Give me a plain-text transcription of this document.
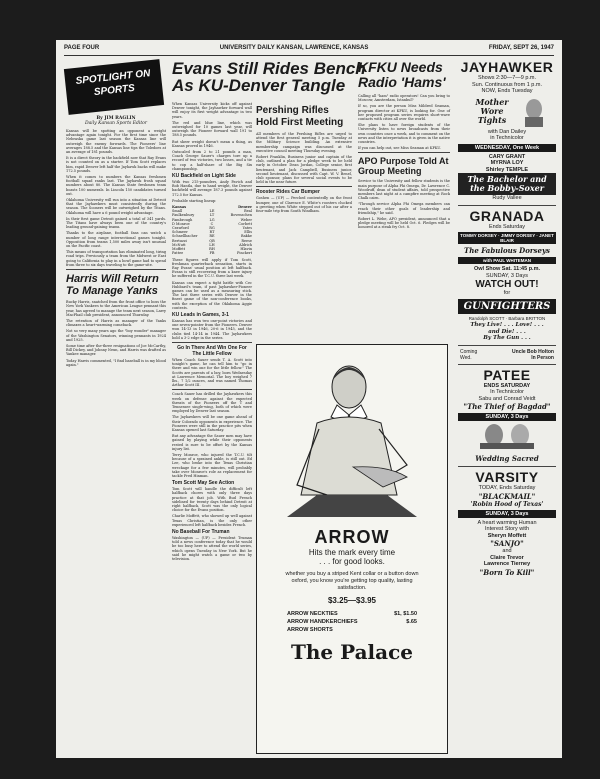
PAGE FOUR	UNIVERSITY DAILY KANSAN, LAWRENCE, KANSAS	FRIDAY, SEPT 26, 1947
SPOTLIGHT ON SPORTS
By JIM RAGLIN
Daily Kansan Sports Editor

Kansas will be spotting an opponent a weight advantage again tonight. For the first time since the Nebraska game last season the Kansas line will outweigh the enemy forwards. The Pioneers' line averages 188.5 and the Kansas line tips the Toledoes at an average of 181 pounds.

It is a direct theory in the backfield now that Ray Evans is not counted on as a starter. If Tom Scott replaces him, rapid Denver left half the Jayhawk backs will make 172.5 pounds.

When it comes to numbers the Kansas freshmen football squad ranks last. The Jayhawk frosh squad numbers about 80. The Kansas State freshmen team boasts 100 numerals. In Lincoln 150 candidates turned out.

Oklahoma University will run into a situation at Detroit that the Jayhawkers must consistently during the season. The Sooners will be outweighed by the Titans. Oklahoma will have a 6 pound weight advantage.

In their first game Detroit gained a total of 341 yards. The Titans have always been one of the country's leading ground-gaining teams.

Thanks to the airplane, football fans can watch a number of long range intersectional games tonight. Opposition from teams 1,500 miles away isn't unusual on the Pacific coast.

This means of transportation has eliminated long, tiring road trips. Previously a team from the Midwest or East going to California to play in a bowl game had to spend from three to six days traveling to the game-site.

Harris Will Return To Manage Yanks

Bucky Harris, snatched from the front office to boss the New York Yankees to the American League pennant this year, has agreed to manage the team next season, Larry MacPhail club president, announced Thursday.

The retention of Harris as manager of the Yanks climaxes a heart-warming comeback.

Not so very many years ago the "boy wonder" manager of the Washington Senators, winning pennants in 1924 and 1925.

Some time after the-three resignations of Joe McCarthy, Bill Dickey, and Johnny Neun, and Harris was drafted as Yankee manager.

Today Harris commented, "I find baseball is in my blood again."

Evans Still Rides Bench As KU-Denver Tangle

When Kansas University kicks off against Denver tonight, the Jayhawker forward wall will enjoy its first weight advantage in two years.

The red and blue line, which was outweighed for 10 games last year, will outweigh the Pioneer forward wall 191 to 188.5 pounds.

But sheer weight doesn't mean a thing, as Kansas proved in 1946.

Outscaled from 2 to 21 pounds a man, Coach George Sauer's charges tore up a record of two victories, two losses, and a tie to cop a half-share of the Big Six championship.

KU Backfield on Light Side

With two 215-pounders, Andy Pavich and Bob Hantla, due to hand weight, the Denver backfield will average 187.3 pounds against 172.5 for Kansas.

Probable starting lineup:

Kansas	Denver
Small	LE	Beal
Faulkenbury	LT	Bovenschen
Fambrough	LG	Weber
D Monroe	C	Corbett
Crawford	RG	Yates
Schmeer	RT	Ellis
Schnellbacher	RE	Bakke
Bertuzzi	QB	Reese
McNutt	LH	Aldrich
Moffett	RH	Hlavin
Pattee	FB	Pinckert

These figures will apply if Tom Scott, freshman quarterback sensation, starts in Ray Evans' usual position at left halfback. Evans is still recovering from a knee injury he suffered in the T.C.U. three last week.

Kansas can expect a tight battle with Cec Hubbard's team, if past Jayhawker-Pioneer games can be used as a measuring stick. The last three series with Denver in the finest game of the non-conference books, with the exception of the Oklahoma Aggie contests.

KU Leads in Games, 3-1

Kansas has won two one-point victories and one seven-pointer from the Pioneers. Denver won 14-13 in 1946, 20-6 in 1945, and the clubs tied 14-14 in 1944. The Jayhawkers hold a 3-2 edge in the series.

Go In There And Win One For The Little Fellow

When Coach Sauer sends T. A. Scott into tonight's game, he can tell him to "go in there and win one for the little fellow." The Scotts are parents of a boy, born Wednesday at Lawrence Memorial. The boy weighed 7 lbs., 7 1/2 ounces, and was named Thomas Arthur Scott III.

Coach Sauer has drilled the Jayhawkers this week on defense against the expected threats of the Pioneers off the T and Tennessee single-wing, both of which were employed by Denver last season.

The Jayhawkers will be one game ahead of their Colorado opponents in experience. The Pioneers were still in the practice pits when Kansas opened last Saturday.

But any advantage the Sauer men may have gained by playing while their opponents rested is sure to be offset by the Kansas injury list.

Terry Monroe, who injured the T.C.U. tilt because of a sprained ankle, is still out. Ed Lee, who broke into the Texas Christian wreckage for a few minutes, will probably take over Monroe's role as replacement for tackle Fred Hinman.

Tom Scott May See Action

Tom Scott will handle the difficult left halfback chores with only three days practice at that job. With Bud French sidelined for twenty days behind Detroit at right halfback, Scott was the only logical choice for the Evans position.

Charlie Moffett, who showed up well against Texas Christian, is the only other experienced left halfback besides French.

No Baseball For Truman

Washington — (UP) — President Truman told a news conference today that he would be too busy here to attend the world series, which opens Tuesday in New York. But he said he might watch a game or two by television.

Pershing Rifles Hold First Meeting

All members of the Pershing Rifles are urged to attend the first general meeting 5 p.m. Tuesday at the Military Science building. An extensive membership campaign was discussed at the executive council meeting Thursday evening.

Robert Franklin, Business junior and captain of the club, outlined a plan for a pledge week to be held early in October. Dean Jordan, College senior, first lieutenant, and Jack Campbell, Business junior, second lieutenant, discussed with Capt. W. V. Benel, club sponsor, plans for several social events to be held in the near future.

Rooster Rides Car Bumper

Goshen — (UP) — Perched contentedly on the front bumper, one of Clarence E. White's roosters clucked a greeting when White stepped out of his car after a four-mile trip from South Windham.

KFKU Needs Radio 'Hams'

Calling all "ham" radio operators! Can you bring to Moscow, Amsterdam, Istanbul?

If so, you are the person Miss Mildred Seaman, program director at KFKU, is looking for. One of her proposed program series requires short-wave contacts with cities all over the world.

She plans to have foreign students of the University listen to news broadcasts from their own countries once a week, and to comment on the news and the interpretation it is given in the native countries.

If you can help out, see Miss Seaman at KFKU.

APO Purpose Told At Group Meeting

Service to the University and fellow students is the main purpose of Alpha Phi Omega, Dr. Lawrence C. Woodruff, dean of student affairs, told prospective members last night at a campfire meeting at Rock Chalk cairn.

"Through service Alpha Phi Omega members can reach their other goals of leadership and friendship," he said.

Robert L. Webe, APO president, announced that a pledge meeting will be held Oct. 6. Pledges will be honored at a steak fry Oct. 8.

ARROW

Hits the mark every time

. . . for good looks.

whether you buy a striped Kent collar or a button down oxford, you know you're getting top quality, lasting satisfaction.

$3.25—$3.95

ARROW NECKTIES	$1, $1.50
ARROW HANDKERCHIEFS	$.65
ARROW SHORTS
The Palace
JAYHAWKER
Shows 2:30—7—9 p.m.
Sun. Continuous from 1 p.m.
NOW, Ends Tuesday
Mother Wore Tights
with Dan Dailey
in Technicolor
WEDNESDAY, One Week
CARY GRANT
MYRNA LOY
Shirley TEMPLE
The Bachelor and the Bobby-Soxer
Rudy Vallee
GRANADA
Ends Saturday
TOMMY DORSEY · JIMMY DORSEY · JANET BLAIR
The Fabulous Dorseys
with PAUL WHITEMAN
Owl Show Sat. 11:45 p.m.
SUNDAY, 3 Days
WATCH OUT!
for
GUNFIGHTERS
Randolph SCOTT · Barbara BRITTON
They Live! . . . Love! . . .
and Die! . . .
By The Gun . . .
Coming	Uncle Bob Holton
Wed.	In Person
PATEE
ENDS SATURDAY
In Technicolor
Sabu and Conrad Veidt
"The Thief of Bagdad"
SUNDAY, 3 Days
Wedding Sacred
VARSITY
TODAY, Ends Saturday
"BLACKMAIL"
'Robin Hood of Texas'
SUNDAY, 3 Days
A heart warming Human
Interest Story with
Sheryn Moffett
"SANJO"
and
Claire Trevor
Lawrence Tierney
"Born To Kill"
